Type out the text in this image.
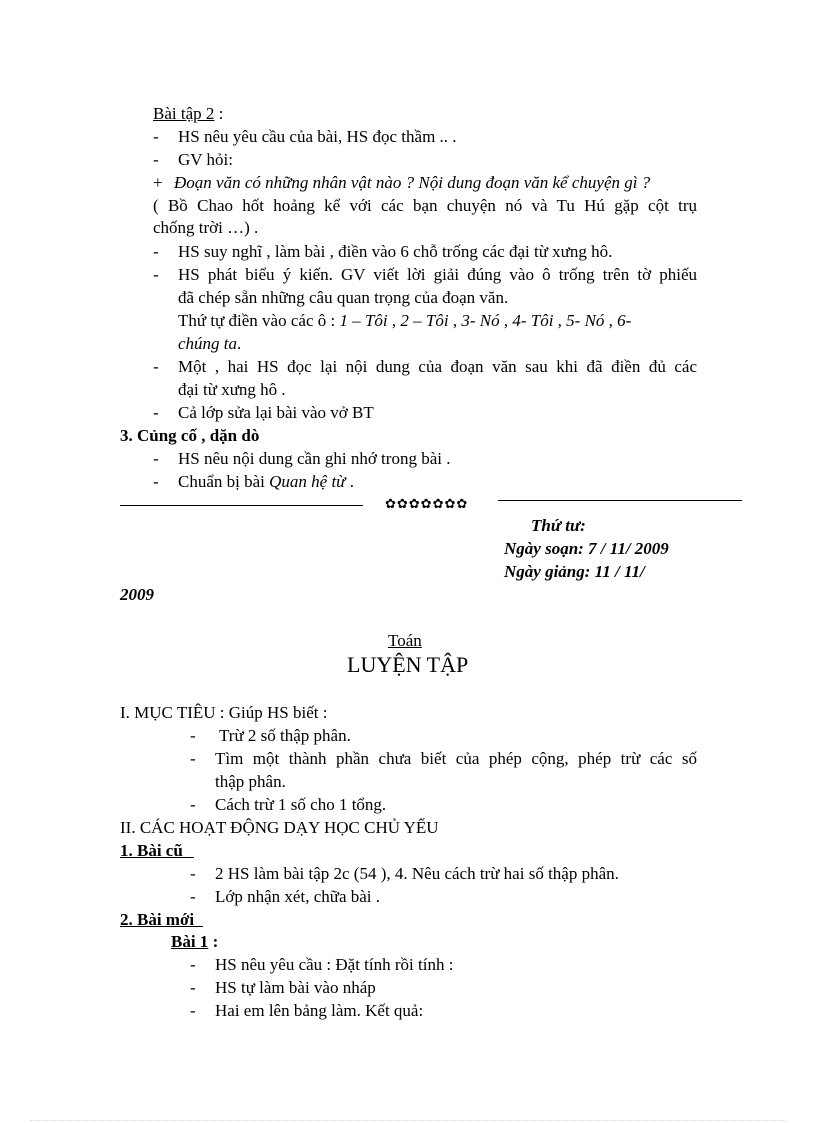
Bài tập 2 :
- HS nêu yêu cầu của bài, HS đọc thầm .. .
- GV hỏi:
+ Đoạn văn có những nhân vật nào ? Nội dung đoạn văn kể chuyện gì ?
( Bồ Chao hốt hoảng kể với các bạn chuyện nó và Tu Hú gặp cột trụ
chống trời …) .
- HS suy nghĩ , làm bài , điền vào 6 chỗ trống các đại từ xưng hô.
- HS phát biểu ý kiến. GV viết lời giải đúng vào ô trống trên tờ phiếu
đã chép sẵn những câu quan trọng của đoạn văn.
Thứ tự điền vào các ô : 1 – Tôi , 2 – Tôi , 3- Nó , 4- Tôi , 5- Nó , 6-
chúng ta.
- Một , hai HS đọc lại nội dung của đoạn văn sau khi đã điền đủ các
đại từ xưng hô .
- Cả lớp sửa lại bài vào vở BT
3. Củng cố , dặn dò
- HS nêu nội dung cần ghi nhớ trong bài .
- Chuẩn bị bài Quan hệ từ .
✿✿✿✿✿✿✿
Thứ tư:
Ngày soạn: 7 / 11/ 2009
Ngày giảng: 11 / 11/
2009
Toán
LUYỆN TẬP
I. MỤC TIÊU : Giúp HS biết :
- Trừ 2 số thập phân.
- Tìm một thành phần chưa biết của phép cộng, phép trừ các số
thập phân.
- Cách trừ 1 số cho 1 tổng.
II. CÁC HOẠT ĐỘNG DẠY HỌC CHỦ YẾU
1. Bài cũ
- 2 HS làm bài tập 2c (54 ), 4. Nêu cách trừ hai số thập phân.
- Lớp nhận xét, chữa bài .
2. Bài mới
Bài 1 :
- HS nêu yêu cầu : Đặt tính rồi tính :
- HS tự làm bài vào nháp
- Hai em lên bảng làm. Kết quả:
